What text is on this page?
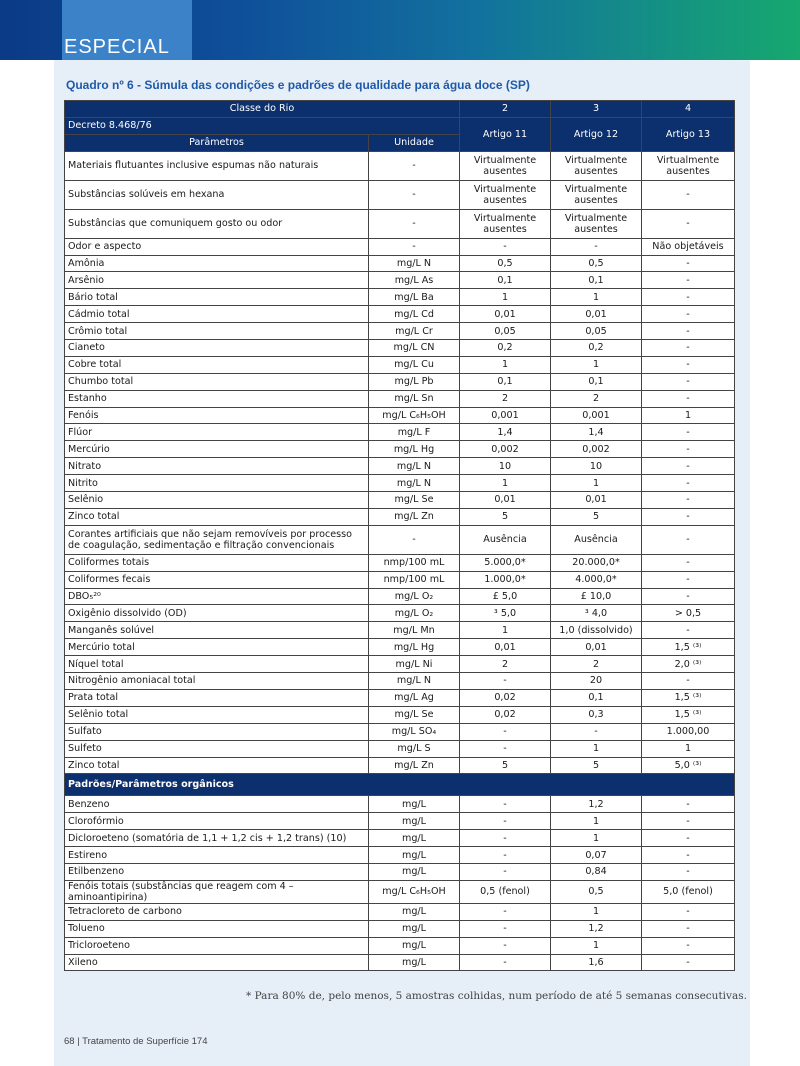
ESPECIAL
Quadro nº 6 - Súmula das condições e padrões de qualidade para água doce (SP)
Classe do Rio		2	3	4
Decreto 8.468/76		Artigo 11	Artigo 12	Artigo 13
Parâmetros	Unidade			
Materiais flutuantes inclusive espumas não naturais	-	Virtualmente ausentes	Virtualmente ausentes	Virtualmente ausentes
Substâncias solúveis em hexana	-	Virtualmente ausentes	Virtualmente ausentes	-
Substâncias que comuniquem gosto ou odor	-	Virtualmente ausentes	Virtualmente ausentes	-
Odor e aspecto	-	-	-	Não objetáveis
Amônia	mg/L N	0,5	0,5	-
Arsênio	mg/L As	0,1	0,1	-
Bário total	mg/L Ba	1	1	-
Cádmio total	mg/L Cd	0,01	0,01	-
Crômio total	mg/L Cr	0,05	0,05	-
Cianeto	mg/L CN	0,2	0,2	-
Cobre total	mg/L Cu	1	1	-
Chumbo total	mg/L Pb	0,1	0,1	-
Estanho	mg/L Sn	2	2	-
Fenóis	mg/L C₆H₅OH	0,001	0,001	1
Flúor	mg/L F	1,4	1,4	-
Mercúrio	mg/L Hg	0,002	0,002	-
Nitrato	mg/L N	10	10	-
Nitrito	mg/L N	1	1	-
Selênio	mg/L Se	0,01	0,01	-
Zinco total	mg/L Zn	5	5	-
Corantes artificiais que não sejam removíveis por processo de coagulação, sedimentação e filtração convencionais	-	Ausência	Ausência	-
Coliformes totais	nmp/100 mL	5.000,0*	20.000,0*	-
Coliformes fecais	nmp/100 mL	1.000,0*	4.000,0*	-
DBO₅²⁰	mg/L O₂	£ 5,0	£ 10,0	-
Oxigênio dissolvido (OD)	mg/L O₂	³ 5,0	³ 4,0	> 0,5
Manganês solúvel	mg/L Mn	1	1,0 (dissolvido)	-
Mercúrio total	mg/L Hg	0,01	0,01	1,5 ⁽³⁾
Níquel total	mg/L Ni	2	2	2,0 ⁽³⁾
Nitrogênio amoniacal total	mg/L N	-	20	-
Prata total	mg/L Ag	0,02	0,1	1,5 ⁽³⁾
Selênio total	mg/L Se	0,02	0,3	1,5 ⁽³⁾
Sulfato	mg/L SO₄	-	-	1.000,00
Sulfeto	mg/L S	-	1	1
Zinco total	mg/L Zn	5	5	5,0 ⁽³⁾
Padrões/Parâmetros orgânicos				
Benzeno	mg/L	-	1,2	-
Clorofórmio	mg/L	-	1	-
Dicloroeteno (somatória de 1,1 + 1,2 cis + 1,2 trans) (10)	mg/L	-	1	-
Estireno	mg/L	-	0,07	-
Etilbenzeno	mg/L	-	0,84	-
Fenóis totais (substâncias que reagem com 4 – aminoantipirina)	mg/L C₆H₅OH	0,5 (fenol)	0,5	5,0 (fenol)
Tetracloreto de carbono	mg/L	-	1	-
Tolueno	mg/L	-	1,2	-
Tricloroeteno	mg/L	-	1	-
Xileno	mg/L	-	1,6	-
* Para 80% de, pelo menos, 5 amostras colhidas, num período de até 5 semanas consecutivas.
68 | Tratamento de Superfície 174
